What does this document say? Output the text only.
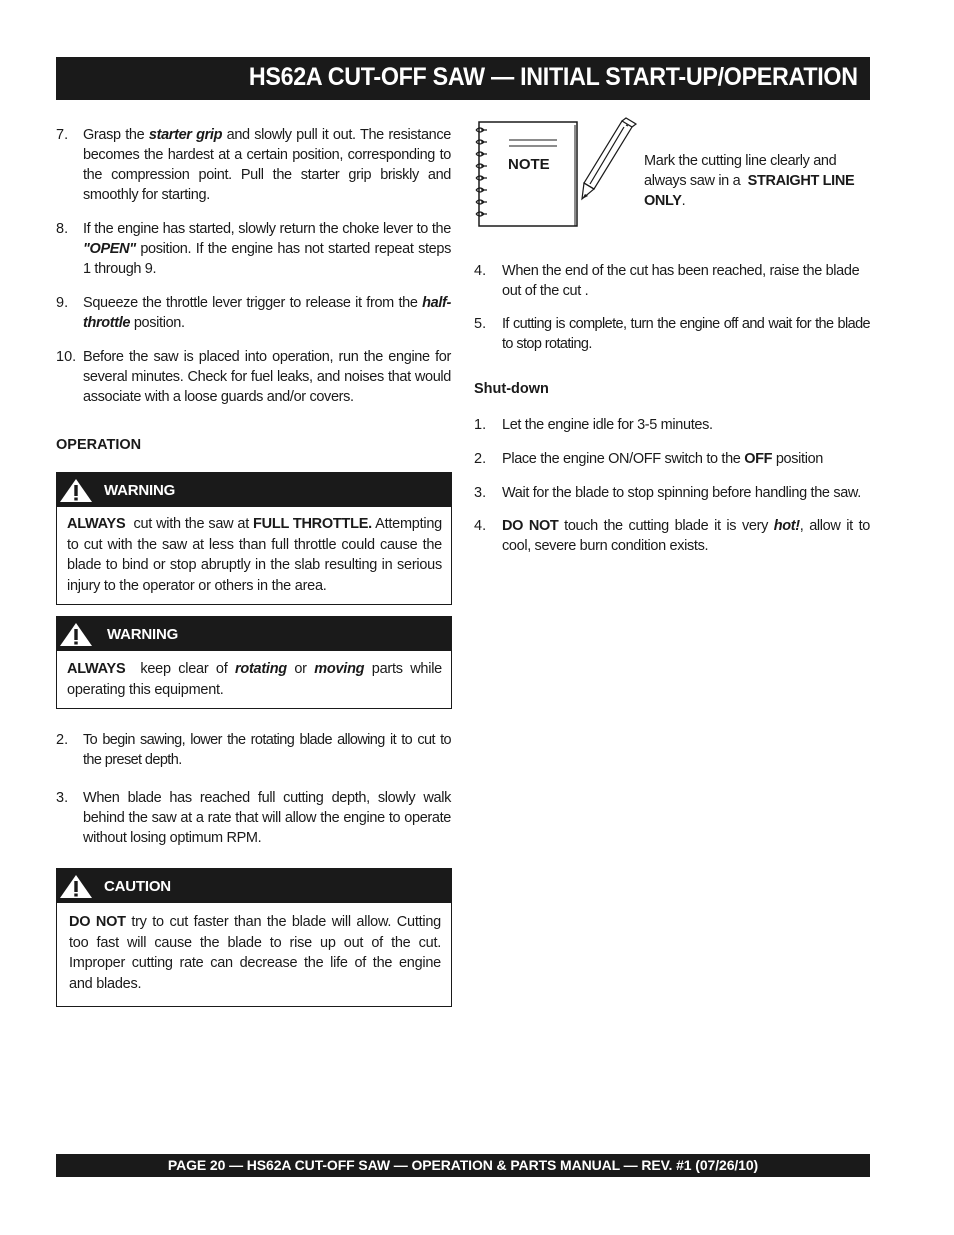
HS62A CUT-OFF SAW — INITIAL START-UP/OPERATION
7. Grasp the starter grip and slowly pull it out. The resistance becomes the hardest at a certain position, corresponding to the compression point. Pull the starter grip briskly and smoothly for starting.
8. If the engine has started, slowly return the choke lever to the "OPEN" position. If the engine has not started repeat steps 1 through 9.
9. Squeeze the throttle lever trigger to release it from the half-throttle position.
10. Before the saw is placed into operation, run the engine for several minutes. Check for fuel leaks, and noises that would associate with a loose guards and/or covers.
OPERATION
WARNING
ALWAYS  cut with the saw at FULL THROTTLE. Attempting to cut with the saw at less than full throttle could cause the blade to bind or stop abruptly in the slab resulting in serious injury to the operator or others in the area.
WARNING
ALWAYS  keep clear of rotating or moving parts while operating this equipment.
2. To begin sawing, lower the rotating blade allowing it to cut to the preset depth.
3. When blade has reached full cutting depth, slowly walk behind the saw at a rate that will allow the engine to operate without losing optimum RPM.
CAUTION
DO NOT try to cut faster than the blade will allow. Cutting too fast will cause the blade to rise up out of the cut. Improper cutting rate can decrease the life of the engine and blades.
NOTE	Mark the cutting line clearly and always saw in a  STRAIGHT LINE ONLY.
4. When the end of the cut has been reached, raise the blade out of the cut .
5. If cutting is complete, turn the engine off and wait for the blade to stop rotating.
Shut-down
1. Let the engine idle for 3-5 minutes.
2. Place the engine ON/OFF switch to the OFF position
3. Wait for the blade to stop spinning before handling the saw.
4. DO NOT touch the cutting blade it is very hot!, allow it to cool, severe burn condition exists.
PAGE 20 — HS62A CUT-OFF SAW — OPERATION & PARTS MANUAL — REV. #1 (07/26/10)
